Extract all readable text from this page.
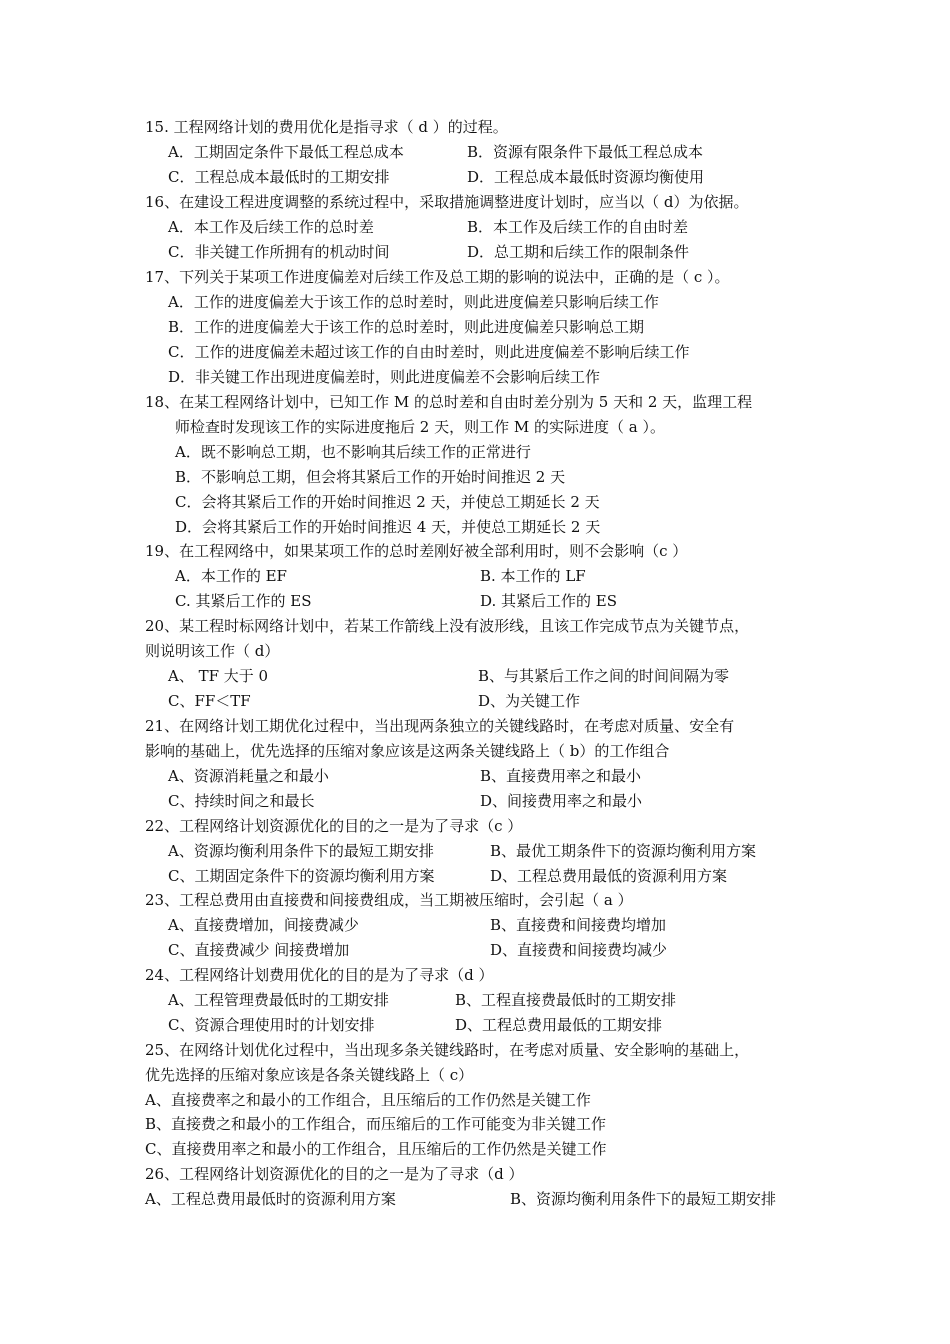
15. 工程网络计划的费用优化是指寻求（ d ）的过程。
A．工期固定条件下最低工程总成本	B．资源有限条件下最低工程总成本
C．工程总成本最低时的工期安排	D．工程总成本最低时资源均衡使用
16、在建设工程进度调整的系统过程中，采取措施调整进度计划时，应当以（ d）为依据。
A．本工作及后续工作的总时差	B．本工作及后续工作的自由时差
C．非关键工作所拥有的机动时间	D．总工期和后续工作的限制条件
17、下列关于某项工作进度偏差对后续工作及总工期的影响的说法中，正确的是（ c ）。
A．工作的进度偏差大于该工作的总时差时，则此进度偏差只影响后续工作
B．工作的进度偏差大于该工作的总时差时，则此进度偏差只影响总工期
C．工作的进度偏差未超过该工作的自由时差时，则此进度偏差不影响后续工作
D．非关键工作出现进度偏差时，则此进度偏差不会影响后续工作
18、在某工程网络计划中，已知工作 M 的总时差和自由时差分别为 5 天和 2 天，监理工程
师检查时发现该工作的实际进度拖后 2 天，则工作 M 的实际进度（ a ）。
A．既不影响总工期，也不影响其后续工作的正常进行
B．不影响总工期，但会将其紧后工作的开始时间推迟 2 天
C．会将其紧后工作的开始时间推迟 2 天，并使总工期延长 2 天
D．会将其紧后工作的开始时间推迟 4 天，并使总工期延长 2 天
19、在工程网络中，如果某项工作的总时差刚好被全部利用时，则不会影响（c ）
A．本工作的 EF	B. 本工作的 LF
C. 其紧后工作的 ES	D. 其紧后工作的 ES
20、某工程时标网络计划中，若某工作箭线上没有波形线，且该工作完成节点为关键节点，
则说明该工作（ d）
A、 TF 大于 0	B、与其紧后工作之间的时间间隔为零
C、FF＜TF	D、为关键工作
21、在网络计划工期优化过程中，当出现两条独立的关键线路时，在考虑对质量、安全有
影响的基础上，优先选择的压缩对象应该是这两条关键线路上（ b）的工作组合
A、资源消耗量之和最小	B、直接费用率之和最小
C、持续时间之和最长	D、间接费用率之和最小
22、工程网络计划资源优化的目的之一是为了寻求（c ）
A、资源均衡利用条件下的最短工期安排	B、最优工期条件下的资源均衡利用方案
C、工期固定条件下的资源均衡利用方案	D、工程总费用最低的资源利用方案
23、工程总费用由直接费和间接费组成，当工期被压缩时，会引起（ a ）
A、直接费增加，间接费减少	B、直接费和间接费均增加
C、直接费减少 间接费增加	D、直接费和间接费均减少
24、工程网络计划费用优化的目的是为了寻求（d ）
A、工程管理费最低时的工期安排	B、工程直接费最低时的工期安排
C、资源合理使用时的计划安排	D、工程总费用最低的工期安排
25、在网络计划优化过程中，当出现多条关键线路时，在考虑对质量、安全影响的基础上，
优先选择的压缩对象应该是各条关键线路上（ c）
A、直接费率之和最小的工作组合，且压缩后的工作仍然是关键工作
B、直接费之和最小的工作组合，而压缩后的工作可能变为非关键工作
C、直接费用率之和最小的工作组合，且压缩后的工作仍然是关键工作
26、工程网络计划资源优化的目的之一是为了寻求（d ）
A、工程总费用最低时的资源利用方案	B、资源均衡利用条件下的最短工期安排
